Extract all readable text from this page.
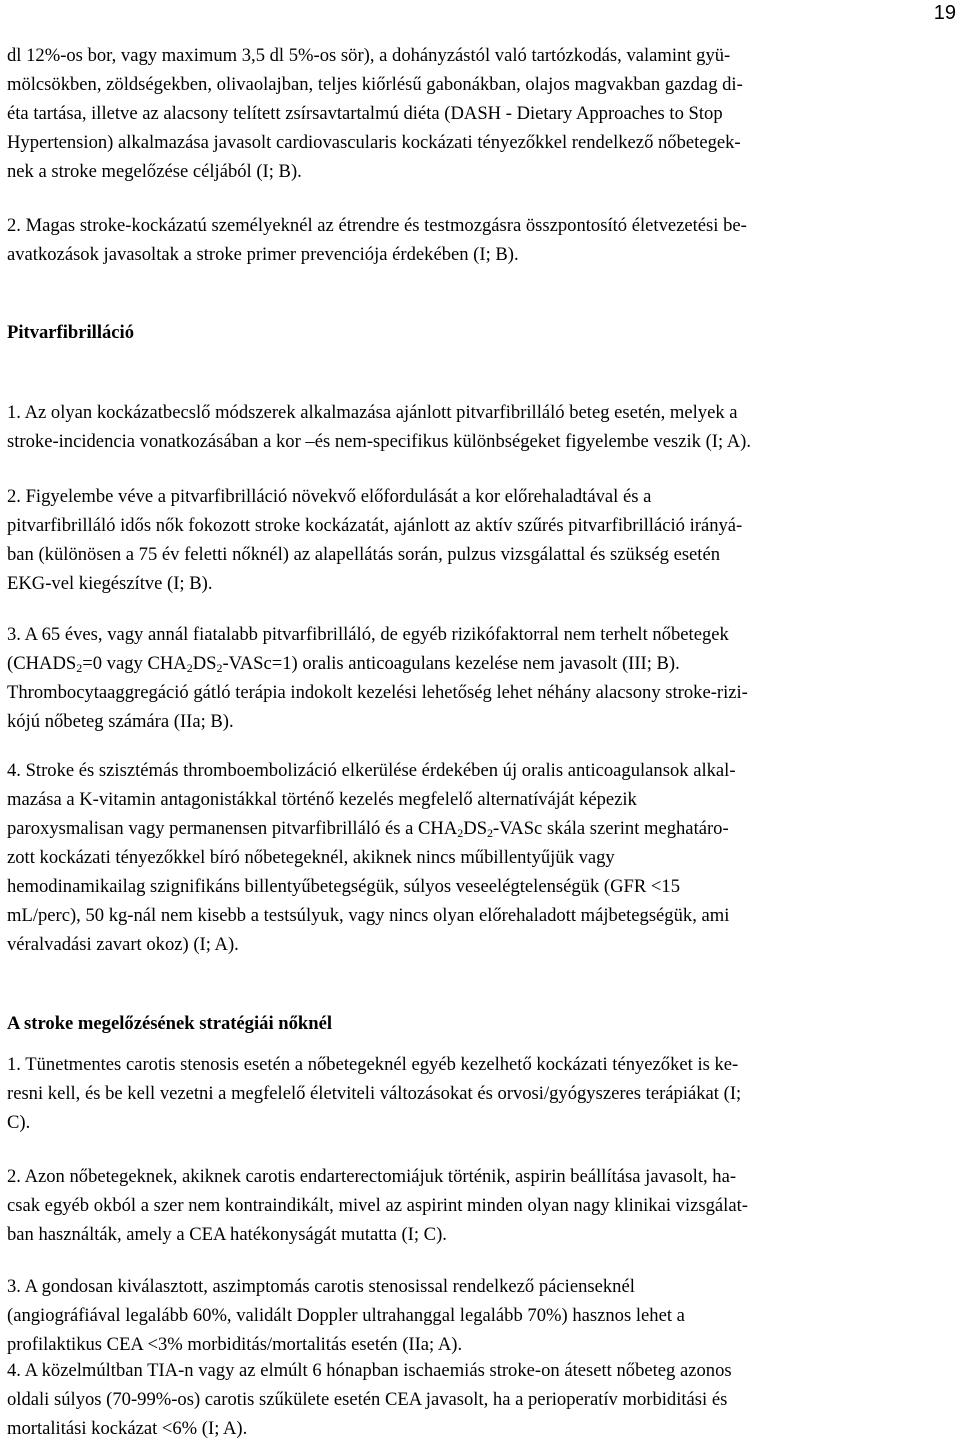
19
dl 12%-os bor, vagy maximum 3,5 dl 5%-os sör), a dohányzástól való tartózkodás, valamint gyü-
mölcsökben, zöldségekben, olivaolajban, teljes kiőrlésű gabonákban, olajos magvakban gazdag di-
éta tartása, illetve az alacsony telített zsírsavtartalmú diéta (DASH - Dietary Approaches to Stop
Hypertension) alkalmazása javasolt cardiovascularis kockázati tényezőkkel rendelkező nőbetegek-
nek a stroke megelőzése céljából (I; B).
2. Magas stroke-kockázatú személyeknél az étrendre és testmozgásra összpontosító életvezetési be-
avatkozások javasoltak a stroke primer prevenciója érdekében (I; B).
Pitvarfibrilláció
1. Az olyan kockázatbecslő módszerek alkalmazása ajánlott pitvarfibrilláló beteg esetén, melyek a
stroke-incidencia vonatkozásában a kor –és nem-specifikus különbségeket figyelembe veszik (I; A).
2. Figyelembe véve a pitvarfibrilláció növekvő előfordulását a kor előrehaladtával és a
pitvarfibrilláló idős nők fokozott stroke kockázatát, ajánlott az aktív szűrés pitvarfibrilláció irányá-
ban (különösen a 75 év feletti nőknél) az alapellátás során, pulzus vizsgálattal és szükség esetén
EKG-vel kiegészítve (I; B).
3. A 65 éves, vagy annál fiatalabb pitvarfibrilláló, de egyéb rizikófaktorral nem terhelt nőbetegek
($CHADS_2=0$ vagy $CHA_2DS_2-VASc=1$) oralis anticoagulans kezelése nem javasolt (III; B).
Thrombocytaaggregáció gátló terápia indokolt kezelési lehetőség lehet néhány alacsony stroke-rizi-
kójú nőbeteg számára (IIa; B).
4. Stroke és szisztémás thromboembolizáció elkerülése érdekében új oralis anticoagulansok alkal-
mazása a K-vitamin antagonistákkal történő kezelés megfelelő alternatíváját képezik
paroxysmalisan vagy permanensen pitvarfibrilláló és a $CHA_2DS_2$-VASc skála szerint meghatáro-
zott kockázati tényezőkkel bíró nőbetegeknél, akiknek nincs műbillentyűjük vagy
hemodinamikailag szignifikáns billentyűbetegségük, súlyos veseelégtelenségük (GFR <15
mL/perc), 50 kg-nál nem kisebb a testsúlyuk, vagy nincs olyan előrehaladott májbetegségük, ami
véralvadási zavart okoz) (I; A).
A stroke megelőzésének stratégiái nőknél
1. Tünetmentes carotis stenosis esetén a nőbetegeknél egyéb kezelhető kockázati tényezőket is ke-
resni kell, és be kell vezetni a megfelelő életviteli változásokat és orvosi/gyógyszeres terápiákat (I;
C).
2. Azon nőbetegeknek, akiknek carotis endarterectomiájuk történik, aspirin beállítása javasolt, ha-
csak egyéb okból a szer nem kontraindikált, mivel az aspirint minden olyan nagy klinikai vizsgálat-
ban használták, amely a CEA hatékonyságát mutatta (I; C).
3. A gondosan kiválasztott, aszimptomás carotis stenosissal rendelkező pácienseknél
(angiográfiával legalább 60%, validált Doppler ultrahanggal legalább 70%) hasznos lehet a
profilaktikus CEA <3% morbiditás/mortalitás esetén (IIa; A).
4. A közelmúltban TIA-n vagy az elmúlt 6 hónapban ischaemiás stroke-on átesett nőbeteg azonos
oldali súlyos (70-99%-os) carotis szűkülete esetén CEA javasolt, ha a perioperatív morbiditási és
mortalitási kockázat <6% (I; A).
